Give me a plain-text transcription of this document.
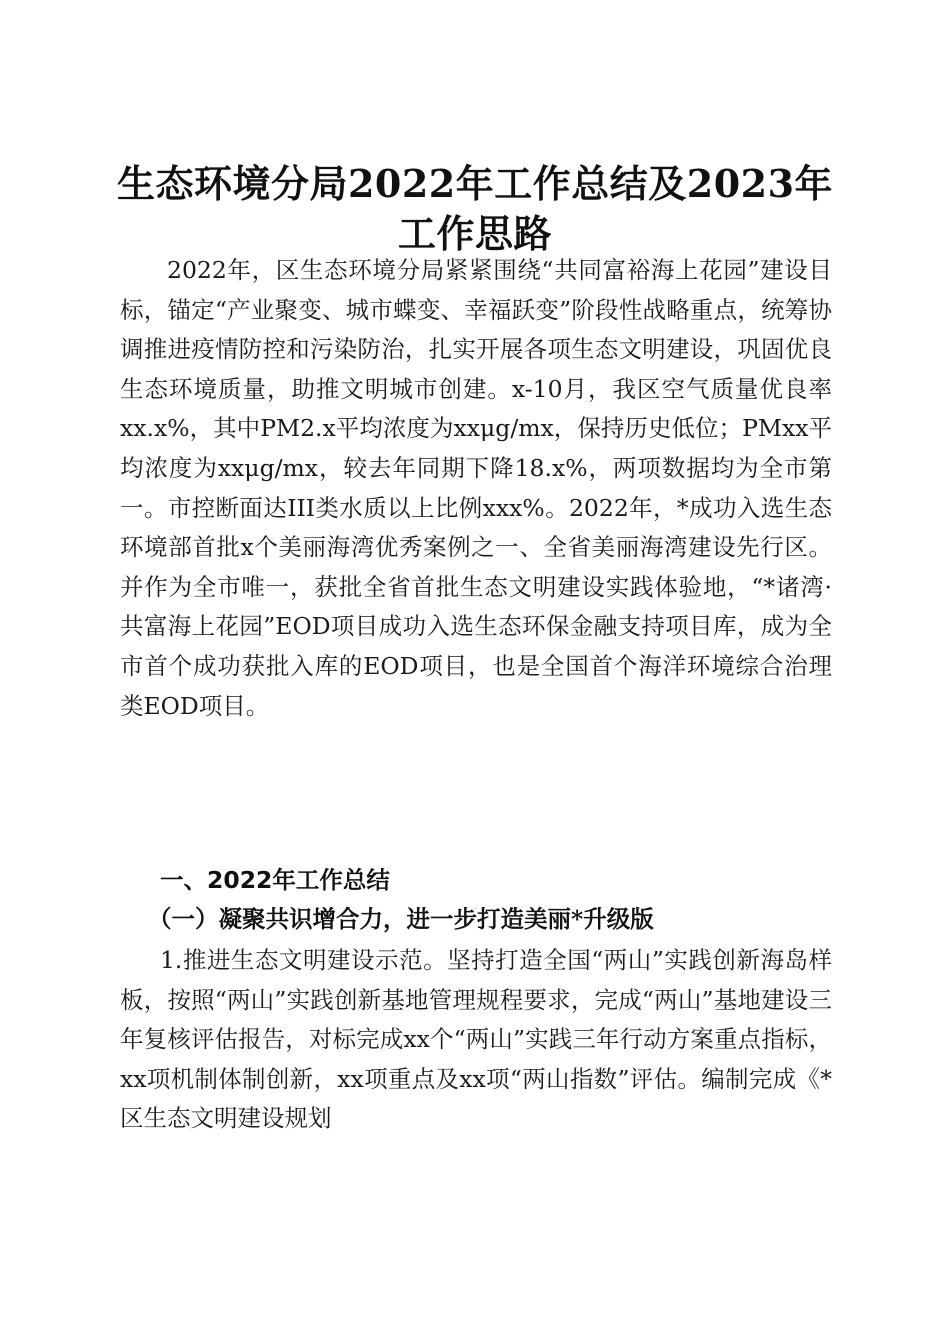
生态环境分局2022年工作总结及2023年工作思路

2022年，区生态环境分局紧紧围绕“共同富裕海上花园”建设目标，锚定“产业聚变、城市蝶变、幸福跃变”阶段性战略重点，统筹协调推进疫情防控和污染防治，扎实开展各项生态文明建设，巩固优良生态环境质量，助推文明城市创建。x-10月，我区空气质量优良率xx.x%，其中PM2.x平均浓度为xxμg/mx，保持历史低位；PMxx平均浓度为xxμg/mx，较去年同期下降18.x%，两项数据均为全市第一。市控断面达III类水质以上比例xxx%。2022年，*成功入选生态环境部首批x个美丽海湾优秀案例之一、全省美丽海湾建设先行区。并作为全市唯一，获批全省首批生态文明建设实践体验地，“*诸湾·共富海上花园”EOD项目成功入选生态环保金融支持项目库，成为全市首个成功获批入库的EOD项目，也是全国首个海洋环境综合治理类EOD项目。

一、2022年工作总结
（一）凝聚共识增合力，进一步打造美丽*升级版

1.推进生态文明建设示范。坚持打造全国“两山”实践创新海岛样板，按照“两山”实践创新基地管理规程要求，完成“两山”基地建设三年复核评估报告，对标完成xx个“两山”实践三年行动方案重点指标，xx项机制体制创新，xx项重点及xx项“两山指数”评估。编制完成《*区生态文明建设规划
